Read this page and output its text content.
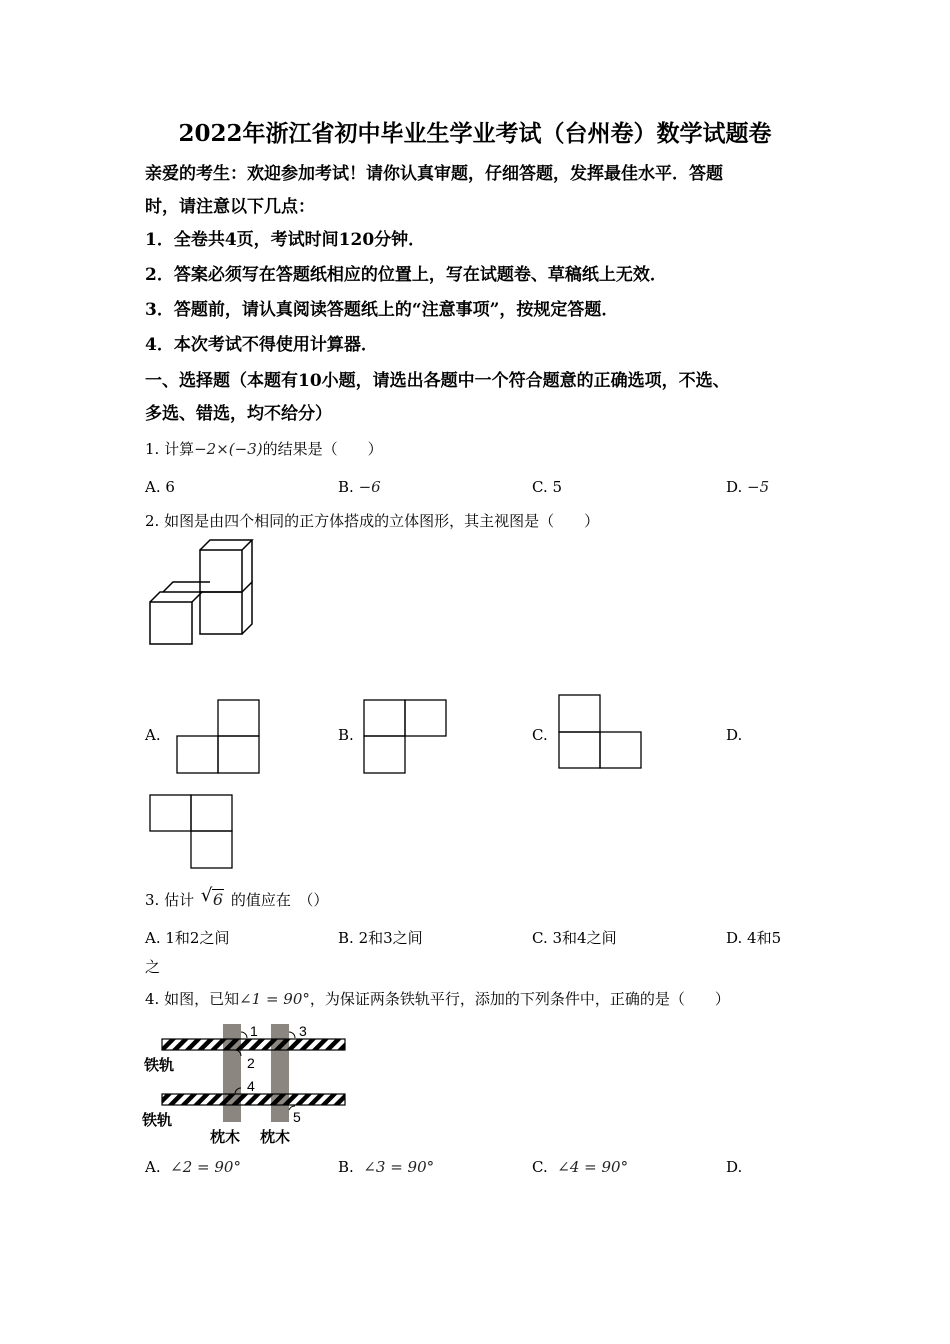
2022年浙江省初中毕业生学业考试（台州卷）数学试题卷
亲爱的考生：欢迎参加考试！请你认真审题，仔细答题，发挥最佳水平．答题
时，请注意以下几点：
1．全卷共4页，考试时间120分钟．
2．答案必须写在答题纸相应的位置上，写在试题卷、草稿纸上无效．
3．答题前，请认真阅读答题纸上的“注意事项”，按规定答题．
4．本次考试不得使用计算器．
一、选择题（本题有10小题，请选出各题中一个符合题意的正确选项，不选、
多选、错选，均不给分）
1. 计算−2×(−3)的结果是（　　）
A. 6	B. −6	C. 5	D. −5
2. 如图是由四个相同的正方体搭成的立体图形，其主视图是（　　）
A.	B.	C.	D.
3. 估计 √ 6 的值应在　（）
A. 1和2之间	B. 2和3之间	C. 3和4之间	D. 4和5
之
4. 如图，已知∠1 = 90°，为保证两条铁轨平行，添加的下列条件中，正确的是（　　）
1
2
3
4
5
铁轨
铁轨
枕木 枕木
A. ∠2 = 90°	B. ∠3 = 90°	C. ∠4 = 90°	D.
